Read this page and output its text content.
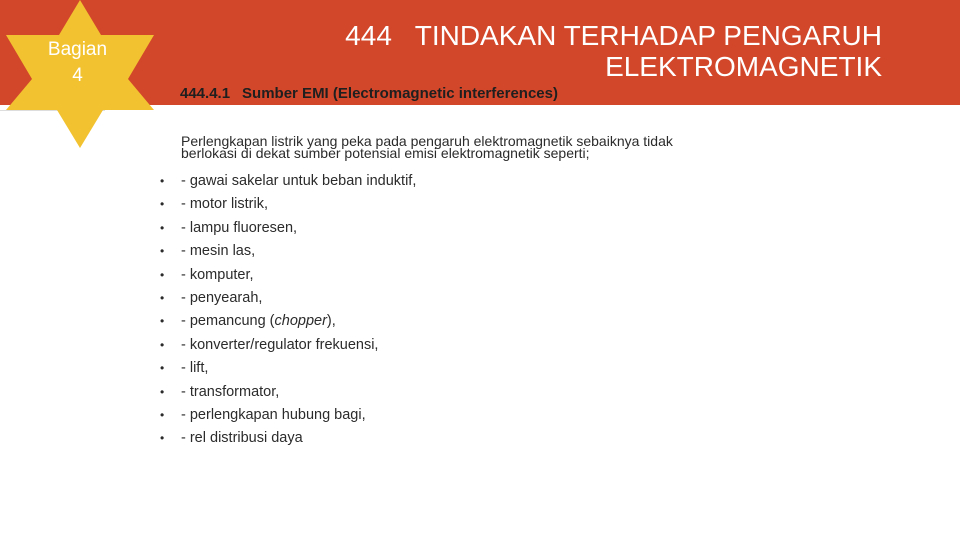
Bagian
4
444   TINDAKAN TERHADAP PENGARUH
ELEKTROMAGNETIK
444.4.1 Sumber EMI (Electromagnetic interferences)
Perlengkapan listrik yang peka pada pengaruh elektromagnetik sebaiknya tidak
berlokasi di dekat sumber potensial emisi elektromagnetik seperti;
• - gawai sakelar untuk beban induktif,
• - motor listrik,
• - lampu fluoresen,
• - mesin las,
• - komputer,
• - penyearah,
• - pemancung (chopper),
• - konverter/regulator frekuensi,
• - lift,
• - transformator,
• - perlengkapan hubung bagi,
• - rel distribusi daya
